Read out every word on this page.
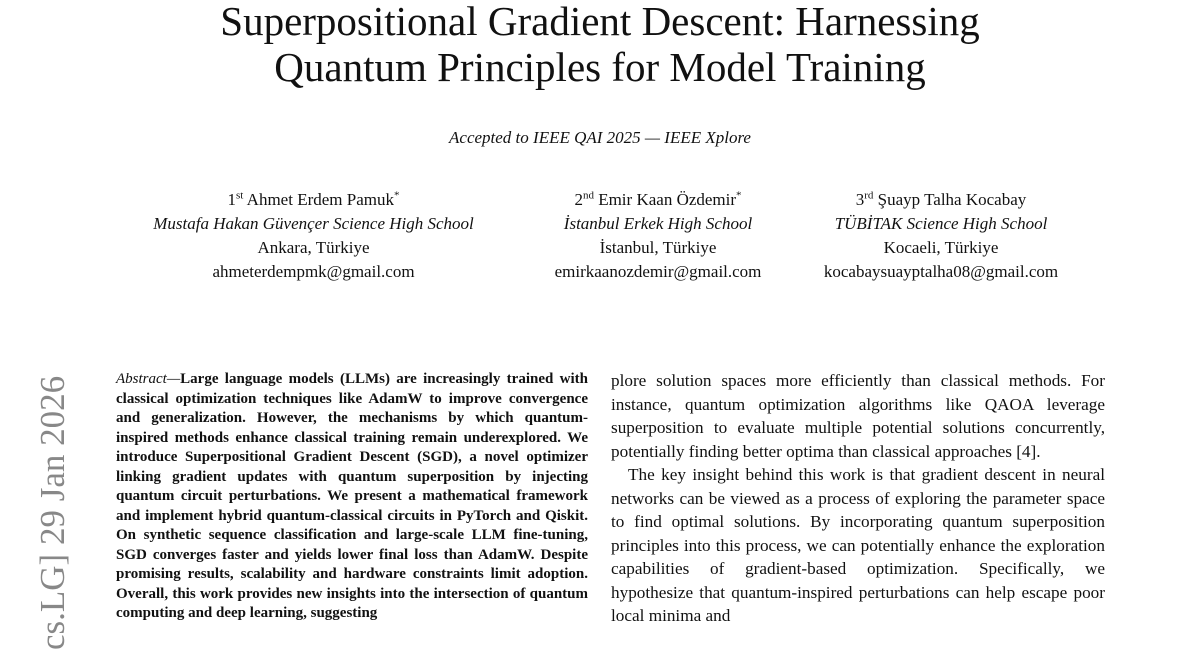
Superpositional Gradient Descent: Harnessing
Quantum Principles for Model Training
Accepted to IEEE QAI 2025 — IEEE Xplore
1st Ahmet Erdem Pamuk*
Mustafa Hakan Güvençer Science High School
Ankara, Türkiye
ahmeterdempmk@gmail.com
2nd Emir Kaan Özdemir*
İstanbul Erkek High School
İstanbul, Türkiye
emirkaanozdemir@gmail.com
3rd Şuayp Talha Kocabay
TÜBİTAK Science High School
Kocaeli, Türkiye
kocabaysuayptalha08@gmail.com
cs.LG] 29 Jan 2026	Abstract—Large language models (LLMs) are increasingly trained with classical optimization techniques like AdamW to improve convergence and generalization. However, the mechanisms by which quantum-inspired methods enhance classical training remain underexplored. We introduce Superpositional Gradient Descent (SGD), a novel optimizer linking gradient updates with quantum superposition by injecting quantum circuit perturbations. We present a mathematical framework and implement hybrid quantum-classical circuits in PyTorch and Qiskit. On synthetic sequence classification and large-scale LLM fine-tuning, SGD converges faster and yields lower final loss than AdamW. Despite promising results, scalability and hardware constraints limit adoption. Overall, this work provides new insights into the intersection of quantum computing and deep learning, suggesting

plore solution spaces more efficiently than classical methods. For instance, quantum optimization algorithms like QAOA leverage superposition to evaluate multiple potential solutions concurrently, potentially finding better optima than classical approaches [4].

The key insight behind this work is that gradient descent in neural networks can be viewed as a process of exploring the parameter space to find optimal solutions. By incorporating quantum superposition principles into this process, we can potentially enhance the exploration capabilities of gradient-based optimization. Specifically, we hypothesize that quantum-inspired perturbations can help escape poor local minima and
